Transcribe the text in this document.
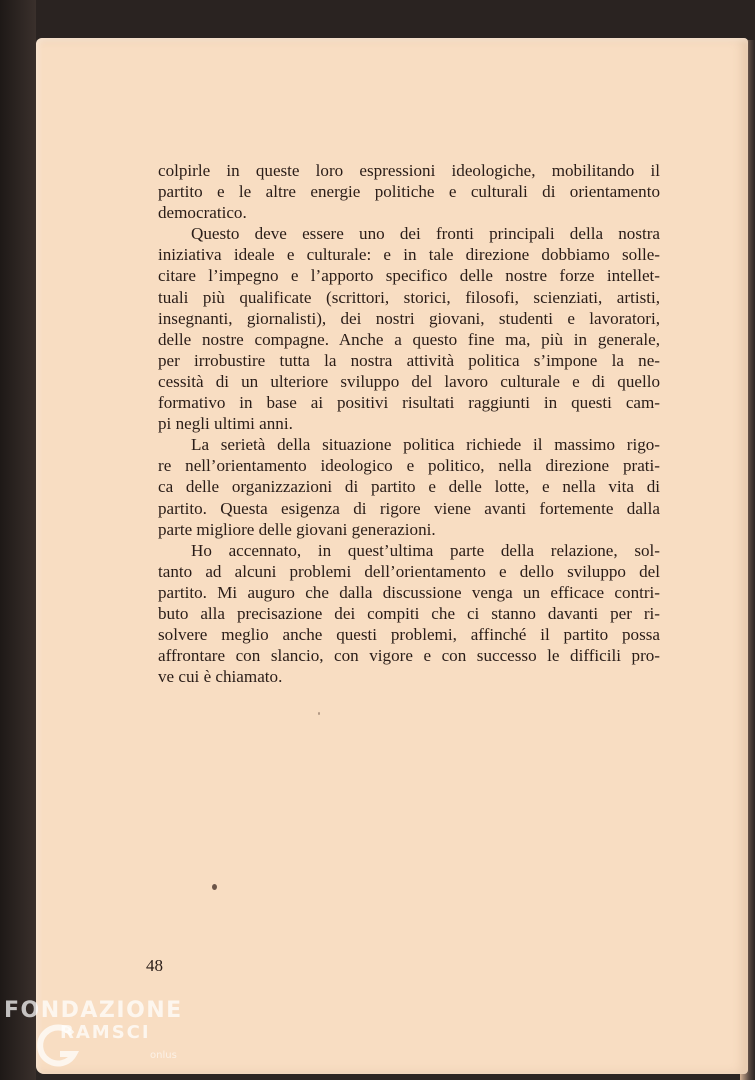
colpirle in queste loro espressioni ideologiche, mobilitando il
partito e le altre energie politiche e culturali di orientamento
democratico.
Questo deve essere uno dei fronti principali della nostra
iniziativa ideale e culturale: e in tale direzione dobbiamo solle-
citare l’impegno e l’apporto specifico delle nostre forze intellet-
tuali più qualificate (scrittori, storici, filosofi, scienziati, artisti,
insegnanti, giornalisti), dei nostri giovani, studenti e lavoratori,
delle nostre compagne. Anche a questo fine ma, più in generale,
per irrobustire tutta la nostra attività politica s’impone la ne-
cessità di un ulteriore sviluppo del lavoro culturale e di quello
formativo in base ai positivi risultati raggiunti in questi cam-
pi negli ultimi anni.
La serietà della situazione politica richiede il massimo rigo-
re nell’orientamento ideologico e politico, nella direzione prati-
ca delle organizzazioni di partito e delle lotte, e nella vita di
partito. Questa esigenza di rigore viene avanti fortemente dalla
parte migliore delle giovani generazioni.
Ho accennato, in quest’ultima parte della relazione, sol-
tanto ad alcuni problemi dell’orientamento e dello sviluppo del
partito. Mi auguro che dalla discussione venga un efficace contri-
buto alla precisazione dei compiti che ci stanno davanti per ri-
solvere meglio anche questi problemi, affinché il partito possa
affrontare con slancio, con vigore e con successo le difficili pro-
ve cui è chiamato.
48
FONDAZIONE
RAMSCI
onlus
